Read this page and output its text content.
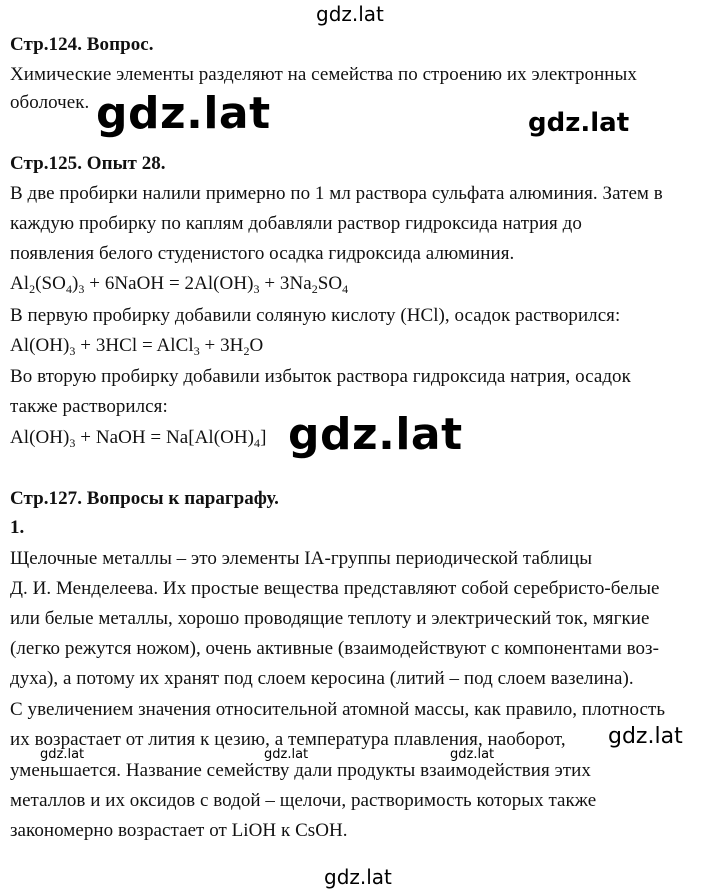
Стр.124. Вопрос.
Химические элементы разделяют на семейства по строению их электронных
оболочек.
Стр.125. Опыт 28.
В две пробирки налили примерно по 1 мл раствора сульфата алюминия. Затем в
каждую пробирку по каплям добавляли раствор гидроксида натрия до
появления белого студенистого осадка гидроксида алюминия.
$Al_2(SO_4)_3$ + 6NaOH = $2Al(OH)_3 + 3Na_2SO_4$
В первую пробирку добавили соляную кислоту (HCl), осадок растворился:
$Al(OH)_3 + 3HCl$ = AlCl$_3$ + $3H_2O$
Во вторую пробирку добавили избыток раствора гидроксида натрия, осадок
также растворился:
$Al(OH)_3$ + NaOH = $Na[Al(OH)_4]$
Стр.127. Вопросы к параграфу.
1.
Щелочные металлы – это элементы IA-группы периодической таблицы
Д. И. Менделеева. Их простые вещества представляют собой серебристо-белые
или белые металлы, хорошо проводящие теплоту и электрический ток, мягкие
(легко режутся ножом), очень активные (взаимодействуют с компонентами воз-
духа), а потому их хранят под слоем керосина (литий – под слоем вазелина).
С увеличением значения относительной атомной массы, как правило, плотность
их возрастает от лития к цезию, а температура плавления, наоборот,
уменьшается. Название семейству дали продукты взаимодействия этих
металлов и их оксидов с водой – щелочи, растворимость которых также
закономерно возрастает от LiOH к CsOH.
gdz.lat
gdz.lat	gdz.lat
gdz.lat
gdz.lat	gdz.lat	gdz.lat
gdz.lat
gdz.lat
